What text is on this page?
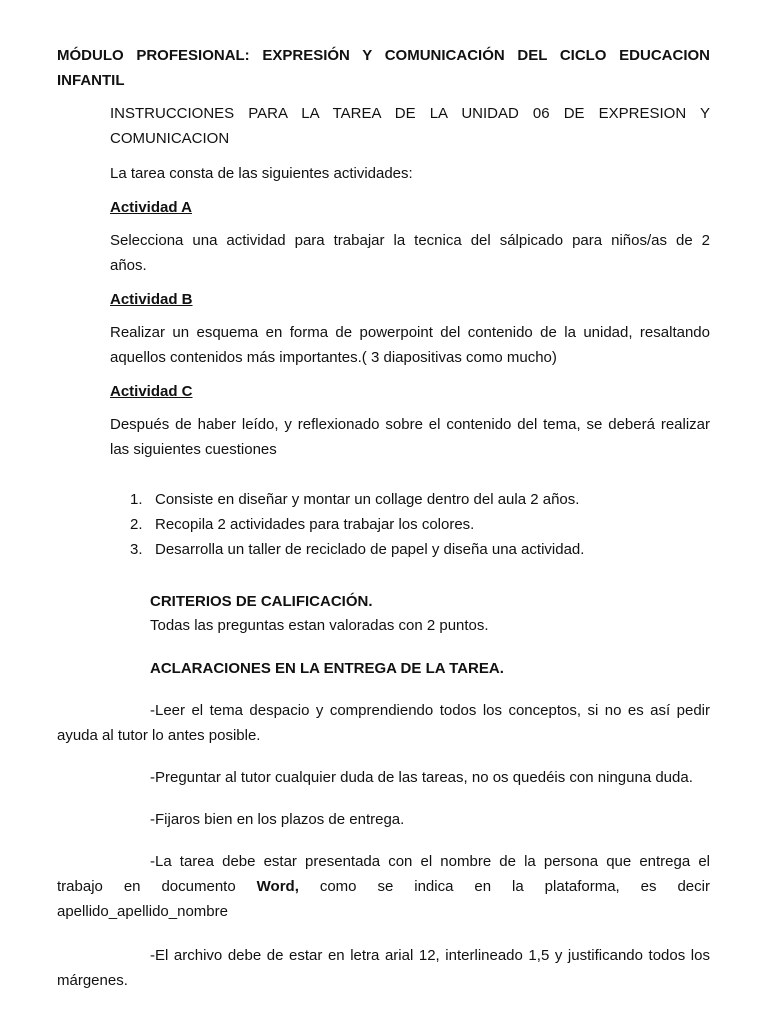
MÓDULO PROFESIONAL: EXPRESIÓN Y COMUNICACIÓN DEL CICLO EDUCACION INFANTIL
INSTRUCCIONES PARA LA TAREA DE LA UNIDAD 06 DE EXPRESION Y COMUNICACION
La tarea consta de las siguientes actividades:
Actividad A
Selecciona una actividad para trabajar la tecnica del sálpicado para niños/as de 2 años.
Actividad B
Realizar un esquema en forma de powerpoint del contenido de la unidad, resaltando aquellos contenidos más importantes.( 3 diapositivas como mucho)
Actividad C
Después de haber leído, y reflexionado sobre el contenido del tema, se deberá realizar las siguientes cuestiones
1. Consiste en diseñar y montar un collage dentro del aula 2 años.
2. Recopila 2 actividades para trabajar los colores.
3. Desarrolla un taller de reciclado de papel y diseña una actividad.
CRITERIOS DE CALIFICACIÓN.
Todas las preguntas estan valoradas con 2 puntos.
ACLARACIONES EN LA ENTREGA DE LA TAREA.
-Leer el tema despacio y comprendiendo todos los conceptos, si no es así pedir ayuda al tutor lo antes posible.
-Preguntar al tutor cualquier duda de las tareas, no os quedéis con ninguna duda.
-Fijaros bien en los plazos de entrega.
-La tarea debe estar presentada con el nombre de la persona que entrega el
trabajo en documento Word, como se indica en la plataforma, es decir
apellido_apellido_nombre
-El archivo debe de estar en letra arial 12, interlineado 1,5 y justificando todos los márgenes.
